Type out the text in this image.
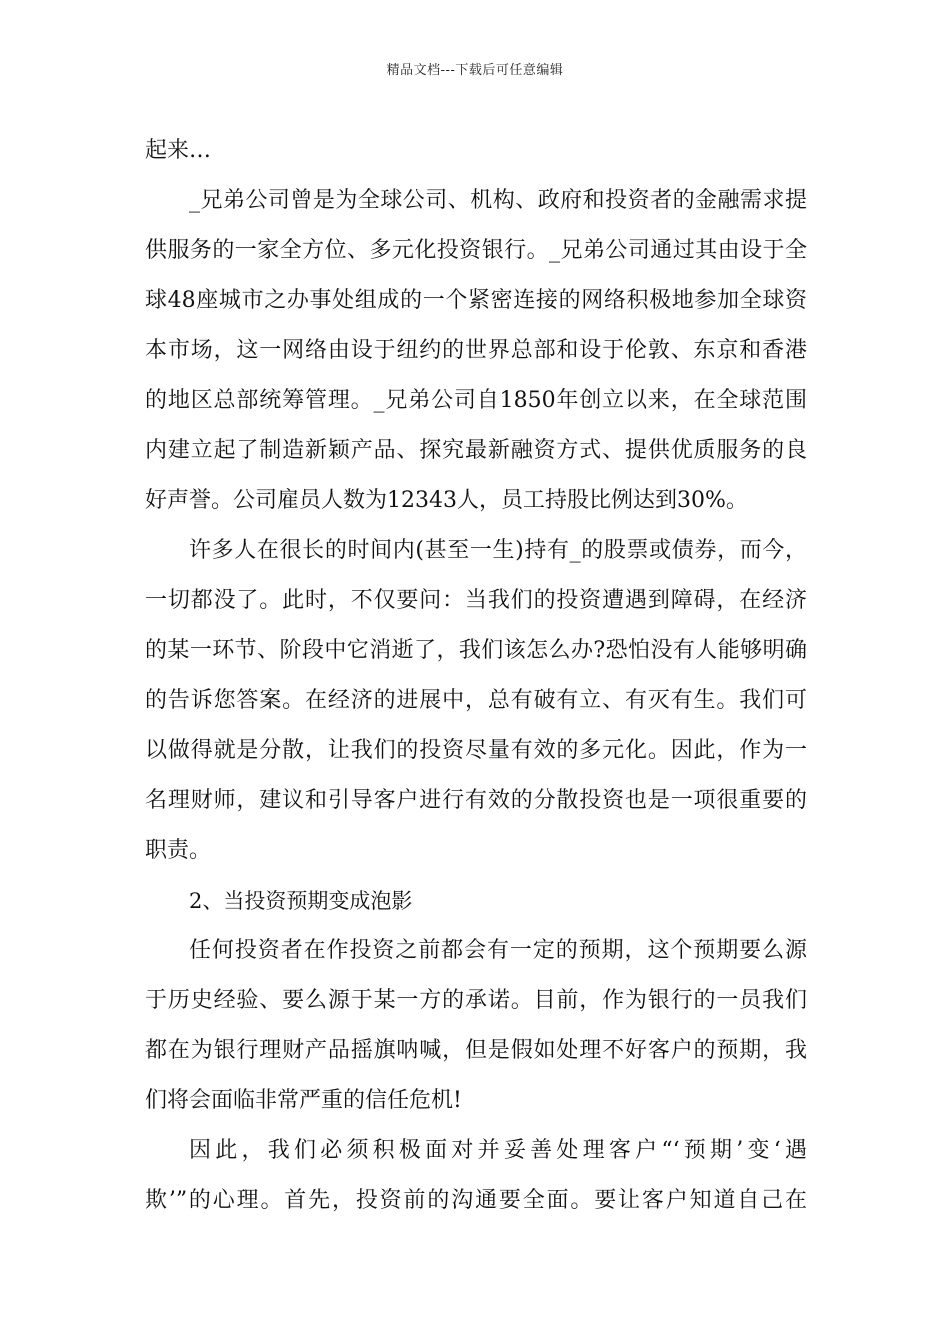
精品文档---下载后可任意编辑
起来…
_兄弟公司曾是为全球公司、机构、政府和投资者的金融需求提
供服务的一家全方位、多元化投资银行。_兄弟公司通过其由设于全
球48座城市之办事处组成的一个紧密连接的网络积极地参加全球资
本市场，这一网络由设于纽约的世界总部和设于伦敦、东京和香港
的地区总部统筹管理。_兄弟公司自1850年创立以来，在全球范围
内建立起了制造新颖产品、探究最新融资方式、提供优质服务的良
好声誉。公司雇员人数为12343人，员工持股比例达到30%。
许多人在很长的时间内(甚至一生)持有_的股票或债券，而今，
一切都没了。此时，不仅要问：当我们的投资遭遇到障碍，在经济
的某一环节、阶段中它消逝了，我们该怎么办?恐怕没有人能够明确
的告诉您答案。在经济的进展中，总有破有立、有灭有生。我们可
以做得就是分散，让我们的投资尽量有效的多元化。因此，作为一
名理财师，建议和引导客户进行有效的分散投资也是一项很重要的
职责。
2、当投资预期变成泡影
任何投资者在作投资之前都会有一定的预期，这个预期要么源
于历史经验、要么源于某一方的承诺。目前，作为银行的一员我们
都在为银行理财产品摇旗呐喊，但是假如处理不好客户的预期，我
们将会面临非常严重的信任危机!
因此，我们必须积极面对并妥善处理客户“‘预期’变‘遇
欺’”的心理。首先，投资前的沟通要全面。要让客户知道自己在
